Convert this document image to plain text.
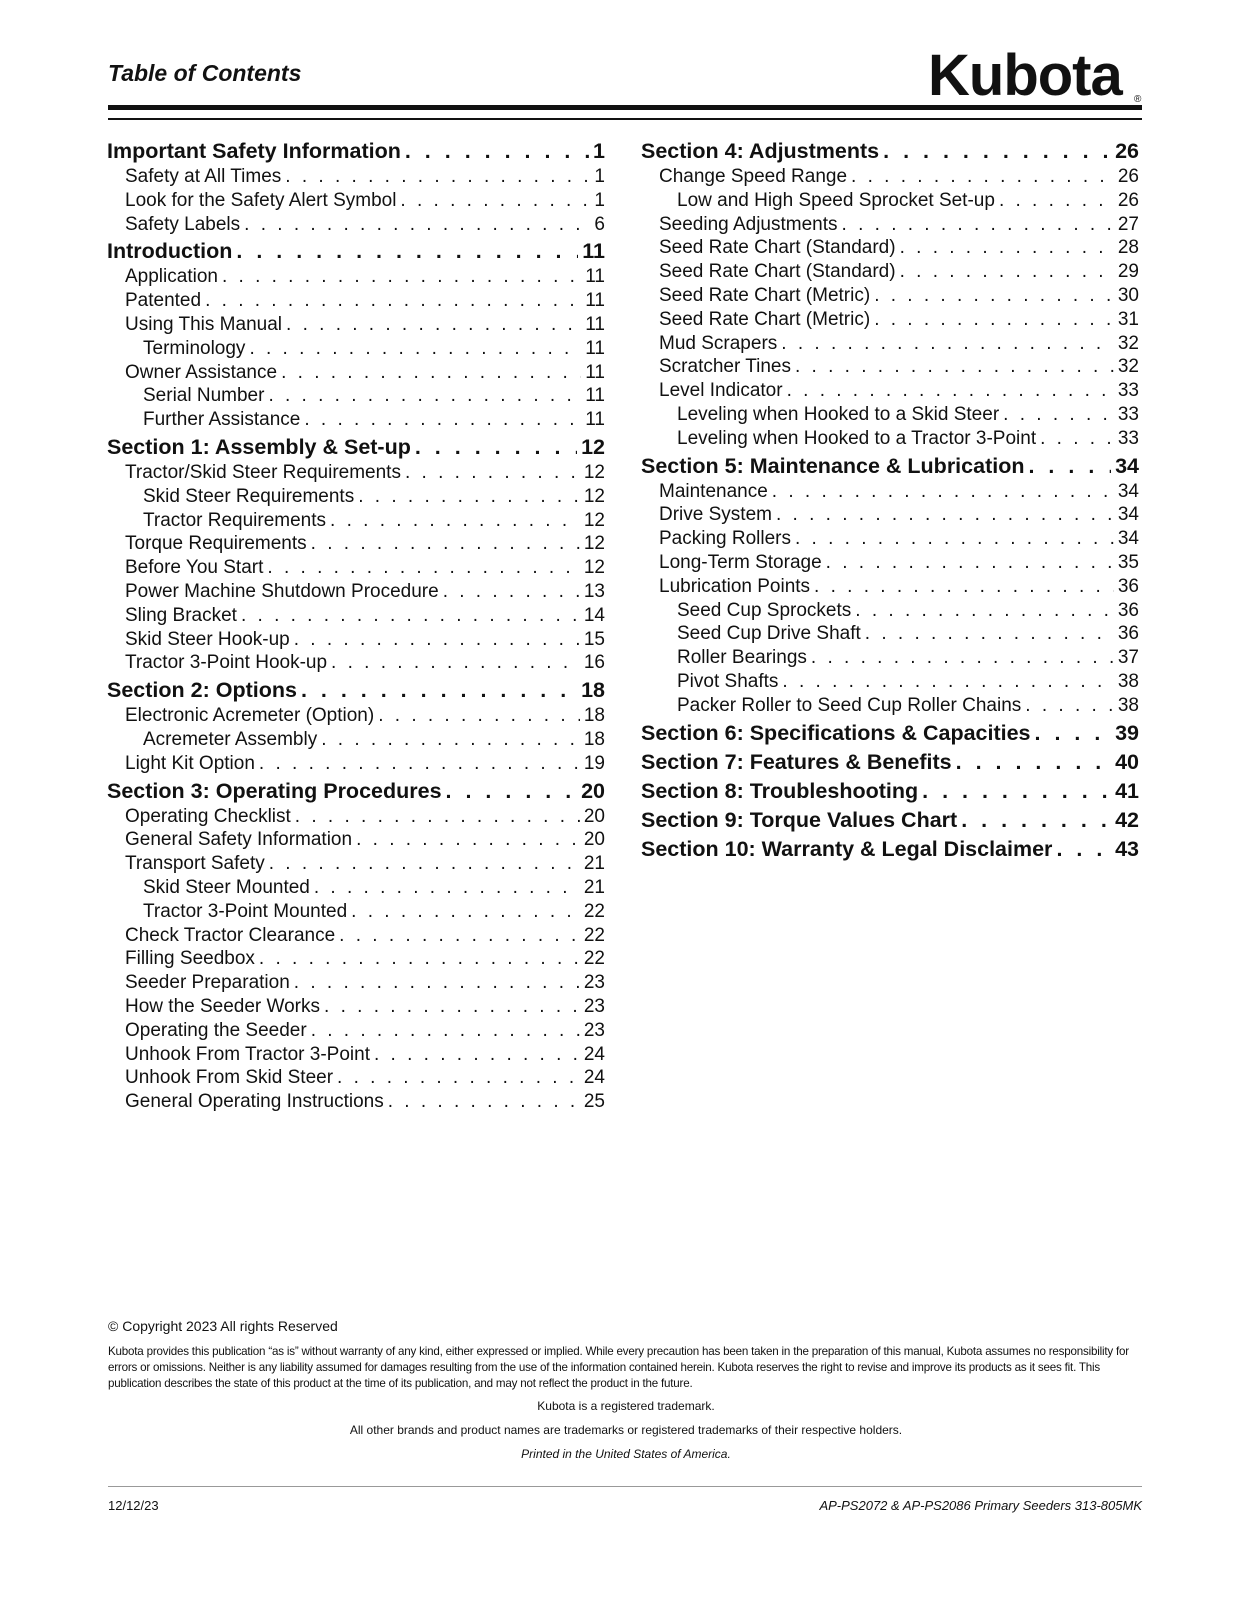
Table of Contents	Kubota ®
Important Safety Information . . .	1
Safety at All Times . . .	1
Look for the Safety Alert Symbol . . .	1
Safety Labels . . .	6
Introduction . . .	11
Application . . .	11
Patented . . .	11
Using This Manual . . .	11
Terminology . . .	11
Owner Assistance . . .	11
Serial Number . . .	11
Further Assistance . . .	11
Section 1: Assembly & Set-up . . .	12
Tractor/Skid Steer Requirements . . .	12
Skid Steer Requirements . . .	12
Tractor Requirements . . .	12
Torque Requirements . . .	12
Before You Start . . .	12
Power Machine Shutdown Procedure . . .	13
Sling Bracket . . .	14
Skid Steer Hook-up . . .	15
Tractor 3-Point Hook-up . . .	16
Section 2: Options . . .	18
Electronic Acremeter (Option) . . .	18
Acremeter Assembly . . .	18
Light Kit Option . . .	19
Section 3: Operating Procedures . . .	20
Operating Checklist . . .	20
General Safety Information . . .	20
Transport Safety . . .	21
Skid Steer Mounted . . .	21
Tractor 3-Point Mounted . . .	22
Check Tractor Clearance . . .	22
Filling Seedbox . . .	22
Seeder Preparation . . .	23
How the Seeder Works . . .	23
Operating the Seeder . . .	23
Unhook From Tractor 3-Point . . .	24
Unhook From Skid Steer . . .	24
General Operating Instructions . . .	25
Section 4: Adjustments . . .	26
Change Speed Range . . .	26
Low and High Speed Sprocket Set-up . . .	26
Seeding Adjustments . . .	27
Seed Rate Chart (Standard) . . .	28
Seed Rate Chart (Standard) . . .	29
Seed Rate Chart (Metric) . . .	30
Seed Rate Chart (Metric) . . .	31
Mud Scrapers . . .	32
Scratcher Tines . . .	32
Level Indicator . . .	33
Leveling when Hooked to a Skid Steer . . .	33
Leveling when Hooked to a Tractor 3-Point . . .	33
Section 5: Maintenance & Lubrication . . .	34
Maintenance . . .	34
Drive System . . .	34
Packing Rollers . . .	34
Long-Term Storage . . .	35
Lubrication Points . . .	36
Seed Cup Sprockets . . .	36
Seed Cup Drive Shaft . . .	36
Roller Bearings . . .	37
Pivot Shafts . . .	38
Packer Roller to Seed Cup Roller Chains . . .	38
Section 6: Specifications & Capacities . . .	39
Section 7: Features & Benefits . . .	40
Section 8: Troubleshooting . . .	41
Section 9: Torque Values Chart . . .	42
Section 10: Warranty & Legal Disclaimer . . .	43
© Copyright 2023 All rights Reserved
Kubota provides this publication “as is” without warranty of any kind, either expressed or implied. While every precaution has been taken in the preparation of this manual, Kubota assumes no responsibility for errors or omissions. Neither is any liability assumed for damages resulting from the use of the information contained herein. Kubota reserves the right to revise and improve its products as it sees fit. This publication describes the state of this product at the time of its publication, and may not reflect the product in the future.
Kubota is a registered trademark.
All other brands and product names are trademarks or registered trademarks of their respective holders.
Printed in the United States of America.
12/12/23	AP-PS2072 & AP-PS2086 Primary Seeders 313-805MK
